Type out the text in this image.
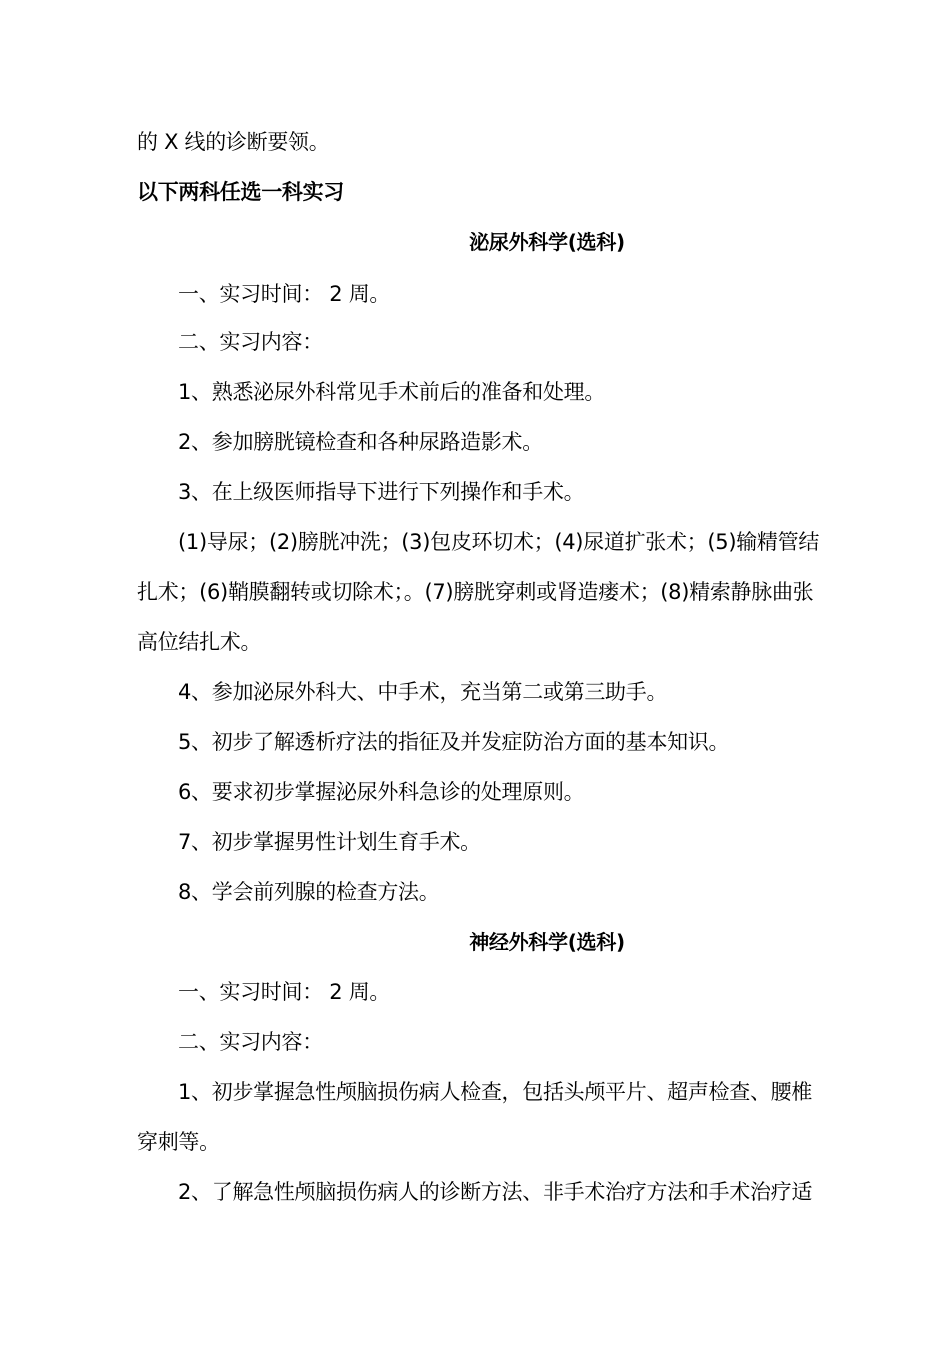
的 X 线的诊断要领。
以下两科任选一科实习
泌尿外科学(选科)
一、实习时间： 2 周。
二、实习内容：
1、熟悉泌尿外科常见手术前后的准备和处理。
2、参加膀胱镜检查和各种尿路造影术。
3、在上级医师指导下进行下列操作和手术。
(1)导尿；(2)膀胱冲洗；(3)包皮环切术；(4)尿道扩张术；(5)输精管结
扎术；(6)鞘膜翻转或切除术；。(7)膀胱穿刺或肾造瘘术；(8)精索静脉曲张
高位结扎术。
4、参加泌尿外科大、中手术，充当第二或第三助手。
5、初步了解透析疗法的指征及并发症防治方面的基本知识。
6、要求初步掌握泌尿外科急诊的处理原则。
7、初步掌握男性计划生育手术。
8、学会前列腺的检查方法。
神经外科学(选科)
一、实习时间： 2 周。
二、实习内容：
1、初步掌握急性颅脑损伤病人检查，包括头颅平片、超声检查、腰椎
穿刺等。
2、了解急性颅脑损伤病人的诊断方法、非手术治疗方法和手术治疗适
